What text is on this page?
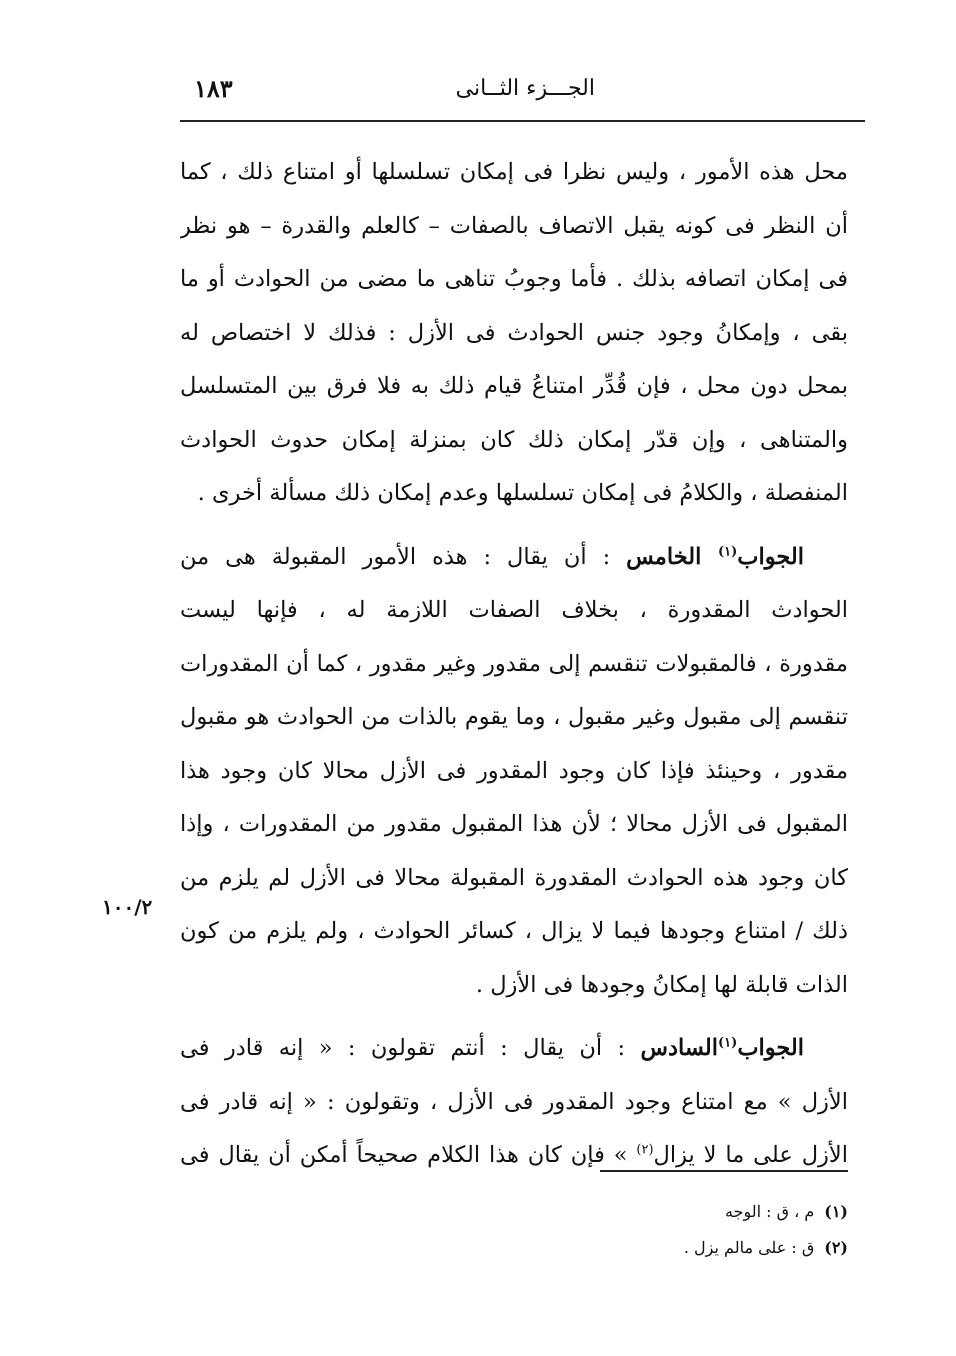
الجـــزء الثــانى
١٨٣
محل هذه الأمور ، وليس نظرا فى إمكان تسلسلها أو امتناع ذلك ، كما
أن النظر فى كونه يقبل الاتصاف بالصفات – كالعلم والقدرة – هو نظر
فى إمكان اتصافه بذلك . فأما وجوبُ تناهى ما مضى من الحوادث أو ما
بقى ، وإمكانُ وجود جنس الحوادث فى الأزل : فذلك لا اختصاص له
بمحل دون محل ، فإن قُدِّر امتناعُ قيام ذلك به فلا فرق بين المتسلسل
والمتناهى ، وإن قدّر إمكان ذلك كان بمنزلة إمكان حدوث الحوادث
المنفصلة ، والكلامُ فى إمكان تسلسلها وعدم إمكان ذلك مسألة أخرى .
الجواب$^{(١)}$ الخامس : أن يقال : هذه الأمور المقبولة هى من
الحوادث المقدورة ، بخلاف الصفات اللازمة له ، فإنها ليست
مقدورة ، فالمقبولات تنقسم إلى مقدور وغير مقدور ، كما أن المقدورات
تنقسم إلى مقبول وغير مقبول ، وما يقوم بالذات من الحوادث هو مقبول
مقدور ، وحينئذ فإذا كان وجود المقدور فى الأزل محالا كان وجود هذا
المقبول فى الأزل محالا ؛ لأن هذا المقبول مقدور من المقدورات ، وإذا
كان وجود هذه الحوادث المقدورة المقبولة محالا فى الأزل لم يلزم من
ذلك / امتناع وجودها فيما لا يزال ، كسائر الحوادث ، ولم يلزم من كون
الذات قابلة لها إمكانُ وجودها فى الأزل .
الجواب$^{(١)}$السادس : أن يقال : أنتم تقولون : « إنه قادر فى
الأزل » مع امتناع وجود المقدور فى الأزل ، وتقولون : « إنه قادر فى
الأزل على ما لا يزال$^{(٢)}$ » فإن كان هذا الكلام صحيحاً أمكن أن يقال فى
١٠٠/٢
(١)م ، ق : الوجه
(٢)ق : على مالم يزل .
